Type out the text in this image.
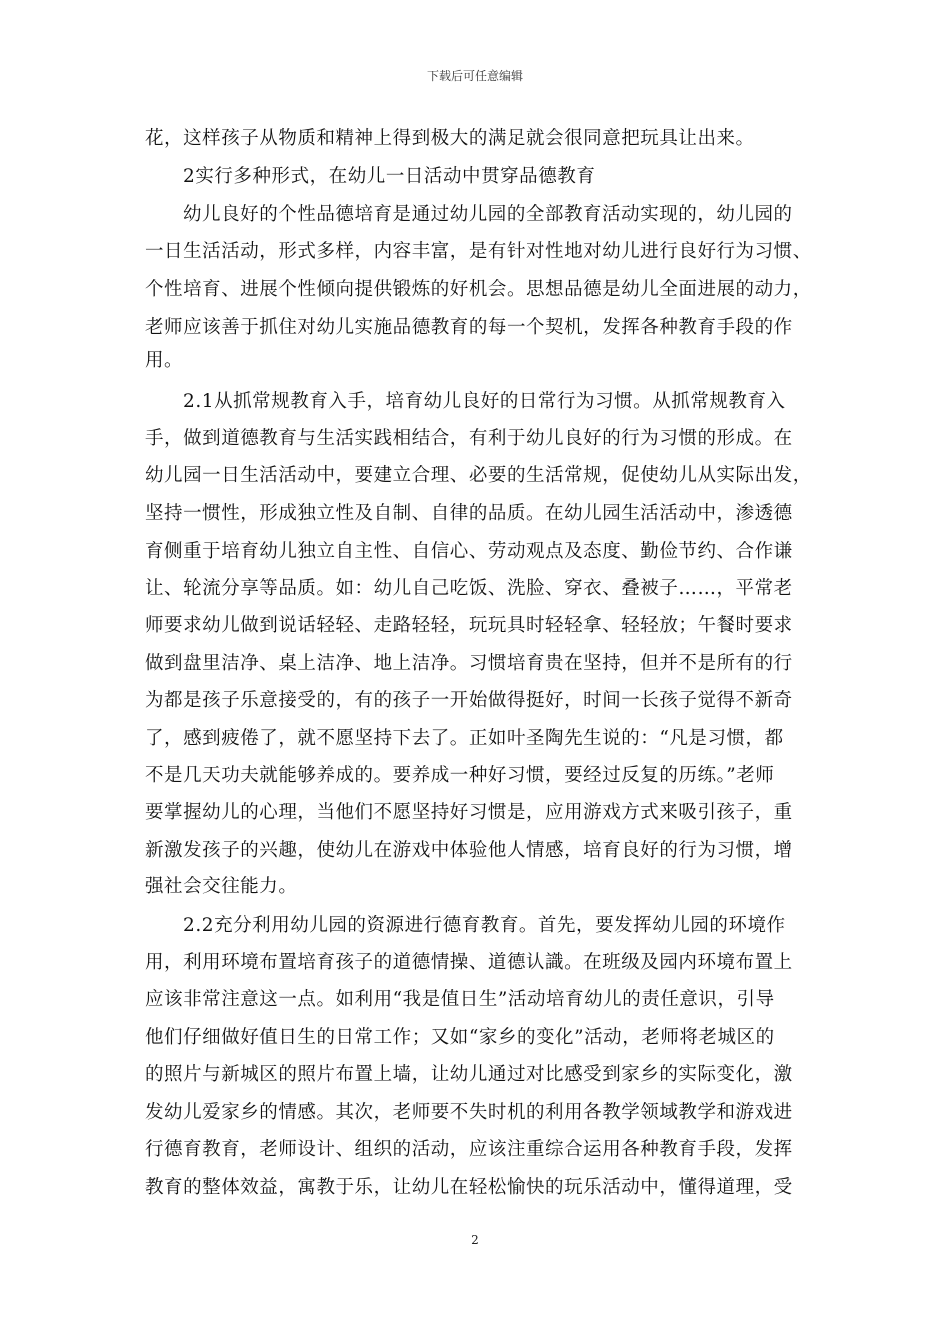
下载后可任意编辑
花，这样孩子从物质和精神上得到极大的满足就会很同意把玩具让出来。
2实行多种形式，在幼儿一日活动中贯穿品德教育
幼儿良好的个性品德培育是通过幼儿园的全部教育活动实现的，幼儿园的
一日生活活动，形式多样，内容丰富，是有针对性地对幼儿进行良好行为习惯、
个性培育、进展个性倾向提供锻炼的好机会。思想品德是幼儿全面进展的动力，
老师应该善于抓住对幼儿实施品德教育的每一个契机，发挥各种教育手段的作
用。
2.1从抓常规教育入手，培育幼儿良好的日常行为习惯。从抓常规教育入
手，做到道德教育与生活实践相结合，有利于幼儿良好的行为习惯的形成。在
幼儿园一日生活活动中，要建立合理、必要的生活常规，促使幼儿从实际出发，
坚持一惯性，形成独立性及自制、自律的品质。在幼儿园生活活动中，渗透德
育侧重于培育幼儿独立自主性、自信心、劳动观点及态度、勤俭节约、合作谦
让、轮流分享等品质。如：幼儿自己吃饭、洗脸、穿衣、叠被子……，平常老
师要求幼儿做到说话轻轻、走路轻轻，玩玩具时轻轻拿、轻轻放；午餐时要求
做到盘里洁净、桌上洁净、地上洁净。习惯培育贵在坚持，但并不是所有的行
为都是孩子乐意接受的，有的孩子一开始做得挺好，时间一长孩子觉得不新奇
了，感到疲倦了，就不愿坚持下去了。正如叶圣陶先生说的：“凡是习惯，都
不是几天功夫就能够养成的。要养成一种好习惯，要经过反复的历练。”老师
要掌握幼儿的心理，当他们不愿坚持好习惯是，应用游戏方式来吸引孩子，重
新激发孩子的兴趣，使幼儿在游戏中体验他人情感，培育良好的行为习惯，增
强社会交往能力。
2.2充分利用幼儿园的资源进行德育教育。首先，要发挥幼儿园的环境作
用，利用环境布置培育孩子的道德情操、道德认識。在班级及园内环境布置上
应该非常注意这一点。如利用“我是值日生”活动培育幼儿的责任意识，引导
他们仔细做好值日生的日常工作；又如“家乡的变化”活动，老师将老城区的
的照片与新城区的照片布置上墙，让幼儿通过对比感受到家乡的实际变化，激
发幼儿爱家乡的情感。其次，老师要不失时机的利用各教学领域教学和游戏进
行德育教育，老师设计、组织的活动，应该注重综合运用各种教育手段，发挥
教育的整体效益，寓教于乐，让幼儿在轻松愉快的玩乐活动中，懂得道理，受
2
